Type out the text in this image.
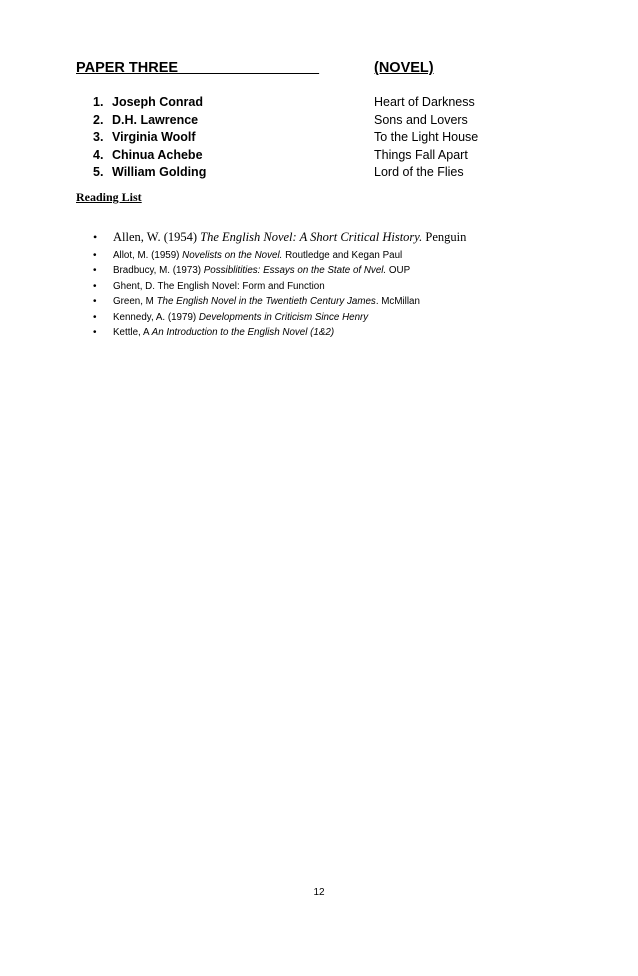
PAPER THREE	(NOVEL)
1. Joseph Conrad	Heart of Darkness
2. D.H. Lawrence	Sons and Lovers
3. Virginia Woolf	To the Light House
4. Chinua Achebe	Things Fall Apart
5. William Golding	Lord of the Flies
Reading List
• Allen, W. (1954) The English Novel: A Short Critical History. Penguin
• Allot, M. (1959) Novelists on the Novel. Routledge and Kegan Paul
• Bradbucy, M. (1973) Possiblitities: Essays on the State of Nvel. OUP
• Ghent, D. The English Novel: Form and Function
• Green, M The English Novel in the Twentieth Century James. McMillan
• Kennedy, A. (1979) Developments in Criticism Since Henry
• Kettle, A An Introduction to the English Novel (1&2)
12
